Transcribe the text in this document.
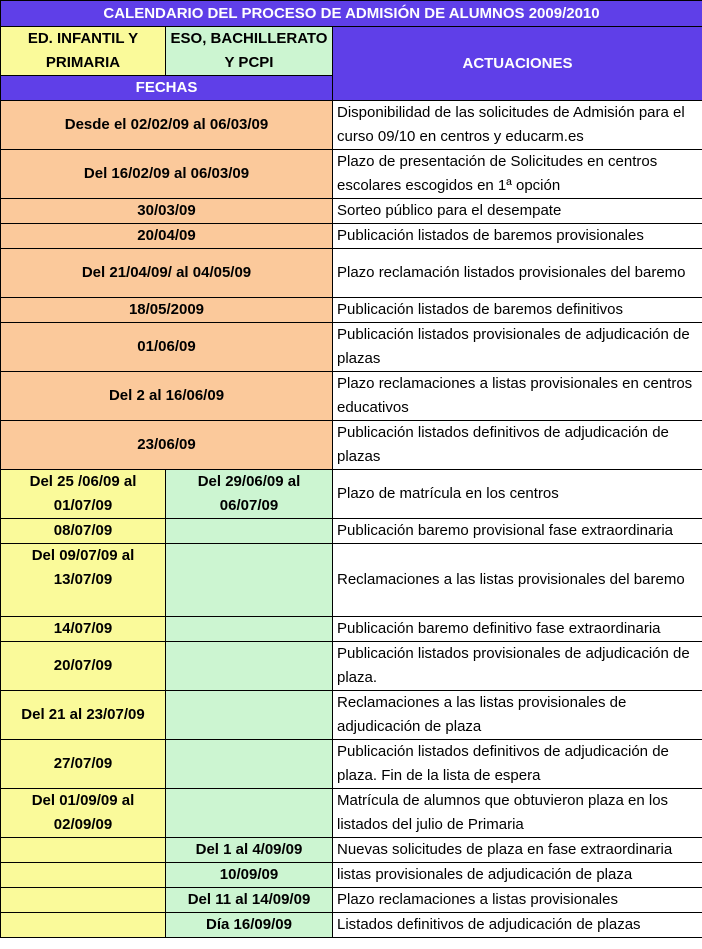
CALENDARIO DEL PROCESO DE ADMISIÓN DE ALUMNOS 2009/2010		
ED. INFANTIL Y PRIMARIA	ESO, BACHILLERATO Y PCPI	ACTUACIONES
FECHAS		
Desde el 02/02/09 al 06/03/09		Disponibilidad de las solicitudes de Admisión para el curso 09/10 en centros y educarm.es
Del 16/02/09 al 06/03/09		Plazo de presentación de Solicitudes en centros escolares escogidos en 1ª opción
30/03/09		Sorteo público para el desempate
20/04/09		Publicación listados de baremos provisionales
Del 21/04/09/ al 04/05/09		Plazo reclamación listados provisionales del baremo
18/05/2009		Publicación listados de baremos definitivos
01/06/09		Publicación listados provisionales de adjudicación de plazas
Del 2 al 16/06/09		Plazo reclamaciones a listas provisionales en centros educativos
23/06/09		Publicación listados definitivos de adjudicación de plazas
Del 25 /06/09 al 01/07/09	Del 29/06/09 al 06/07/09	Plazo de matrícula en los centros
08/07/09		Publicación baremo provisional fase extraordinaria
Del 09/07/09 al 13/07/09		Reclamaciones a las listas provisionales del baremo
14/07/09		Publicación baremo definitivo fase extraordinaria
20/07/09		Publicación listados provisionales de adjudicación de plaza.
Del 21 al 23/07/09		Reclamaciones a las listas provisionales de adjudicación de plaza
27/07/09		Publicación listados definitivos de adjudicación de plaza. Fin de la lista de espera
Del 01/09/09 al 02/09/09		Matrícula de alumnos que obtuvieron plaza en los listados del julio de Primaria
	Del 1 al 4/09/09	Nuevas solicitudes de plaza en fase extraordinaria
	10/09/09	listas provisionales de adjudicación de plaza
	Del 11 al 14/09/09	Plazo reclamaciones a listas provisionales
	Día 16/09/09	Listados definitivos de adjudicación de plazas
